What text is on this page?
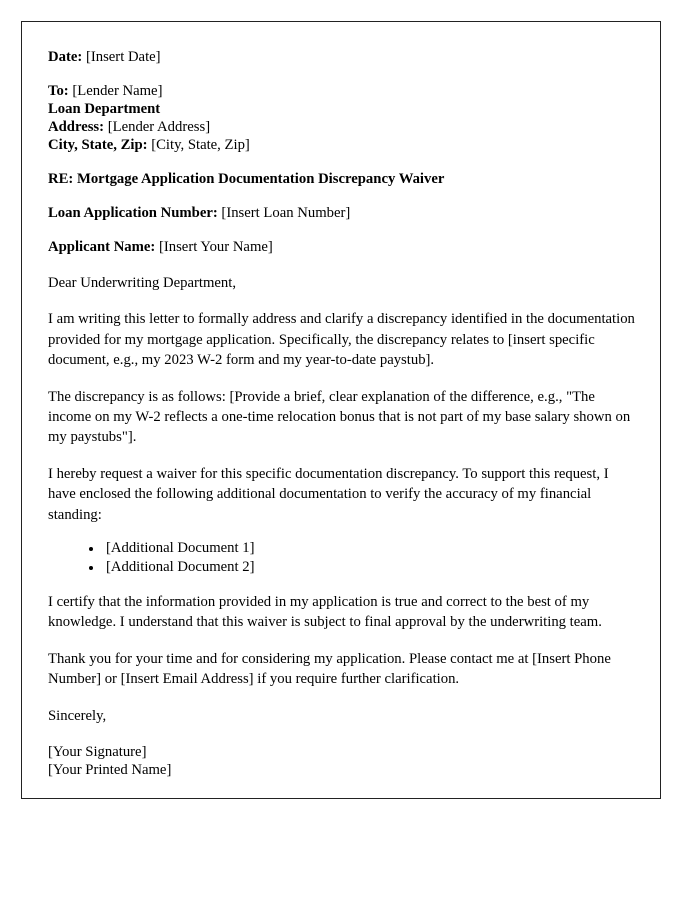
Date: [Insert Date]
To: [Lender Name]
Loan Department
Address: [Lender Address]
City, State, Zip: [City, State, Zip]
RE: Mortgage Application Documentation Discrepancy Waiver
Loan Application Number: [Insert Loan Number]
Applicant Name: [Insert Your Name]

Dear Underwriting Department,

I am writing this letter to formally address and clarify a discrepancy identified in the documentation provided for my mortgage application. Specifically, the discrepancy relates to [insert specific document, e.g., my 2023 W-2 form and my year-to-date paystub].

The discrepancy is as follows: [Provide a brief, clear explanation of the difference, e.g., "The income on my W-2 reflects a one-time relocation bonus that is not part of my base salary shown on my paystubs"].

I hereby request a waiver for this specific documentation discrepancy. To support this request, I have enclosed the following additional documentation to verify the accuracy of my financial standing:

[Additional Document 1]
[Additional Document 2]

I certify that the information provided in my application is true and correct to the best of my knowledge. I understand that this waiver is subject to final approval by the underwriting team.

Thank you for your time and for considering my application. Please contact me at [Insert Phone Number] or [Insert Email Address] if you require further clarification.

Sincerely,

[Your Signature]
[Your Printed Name]
